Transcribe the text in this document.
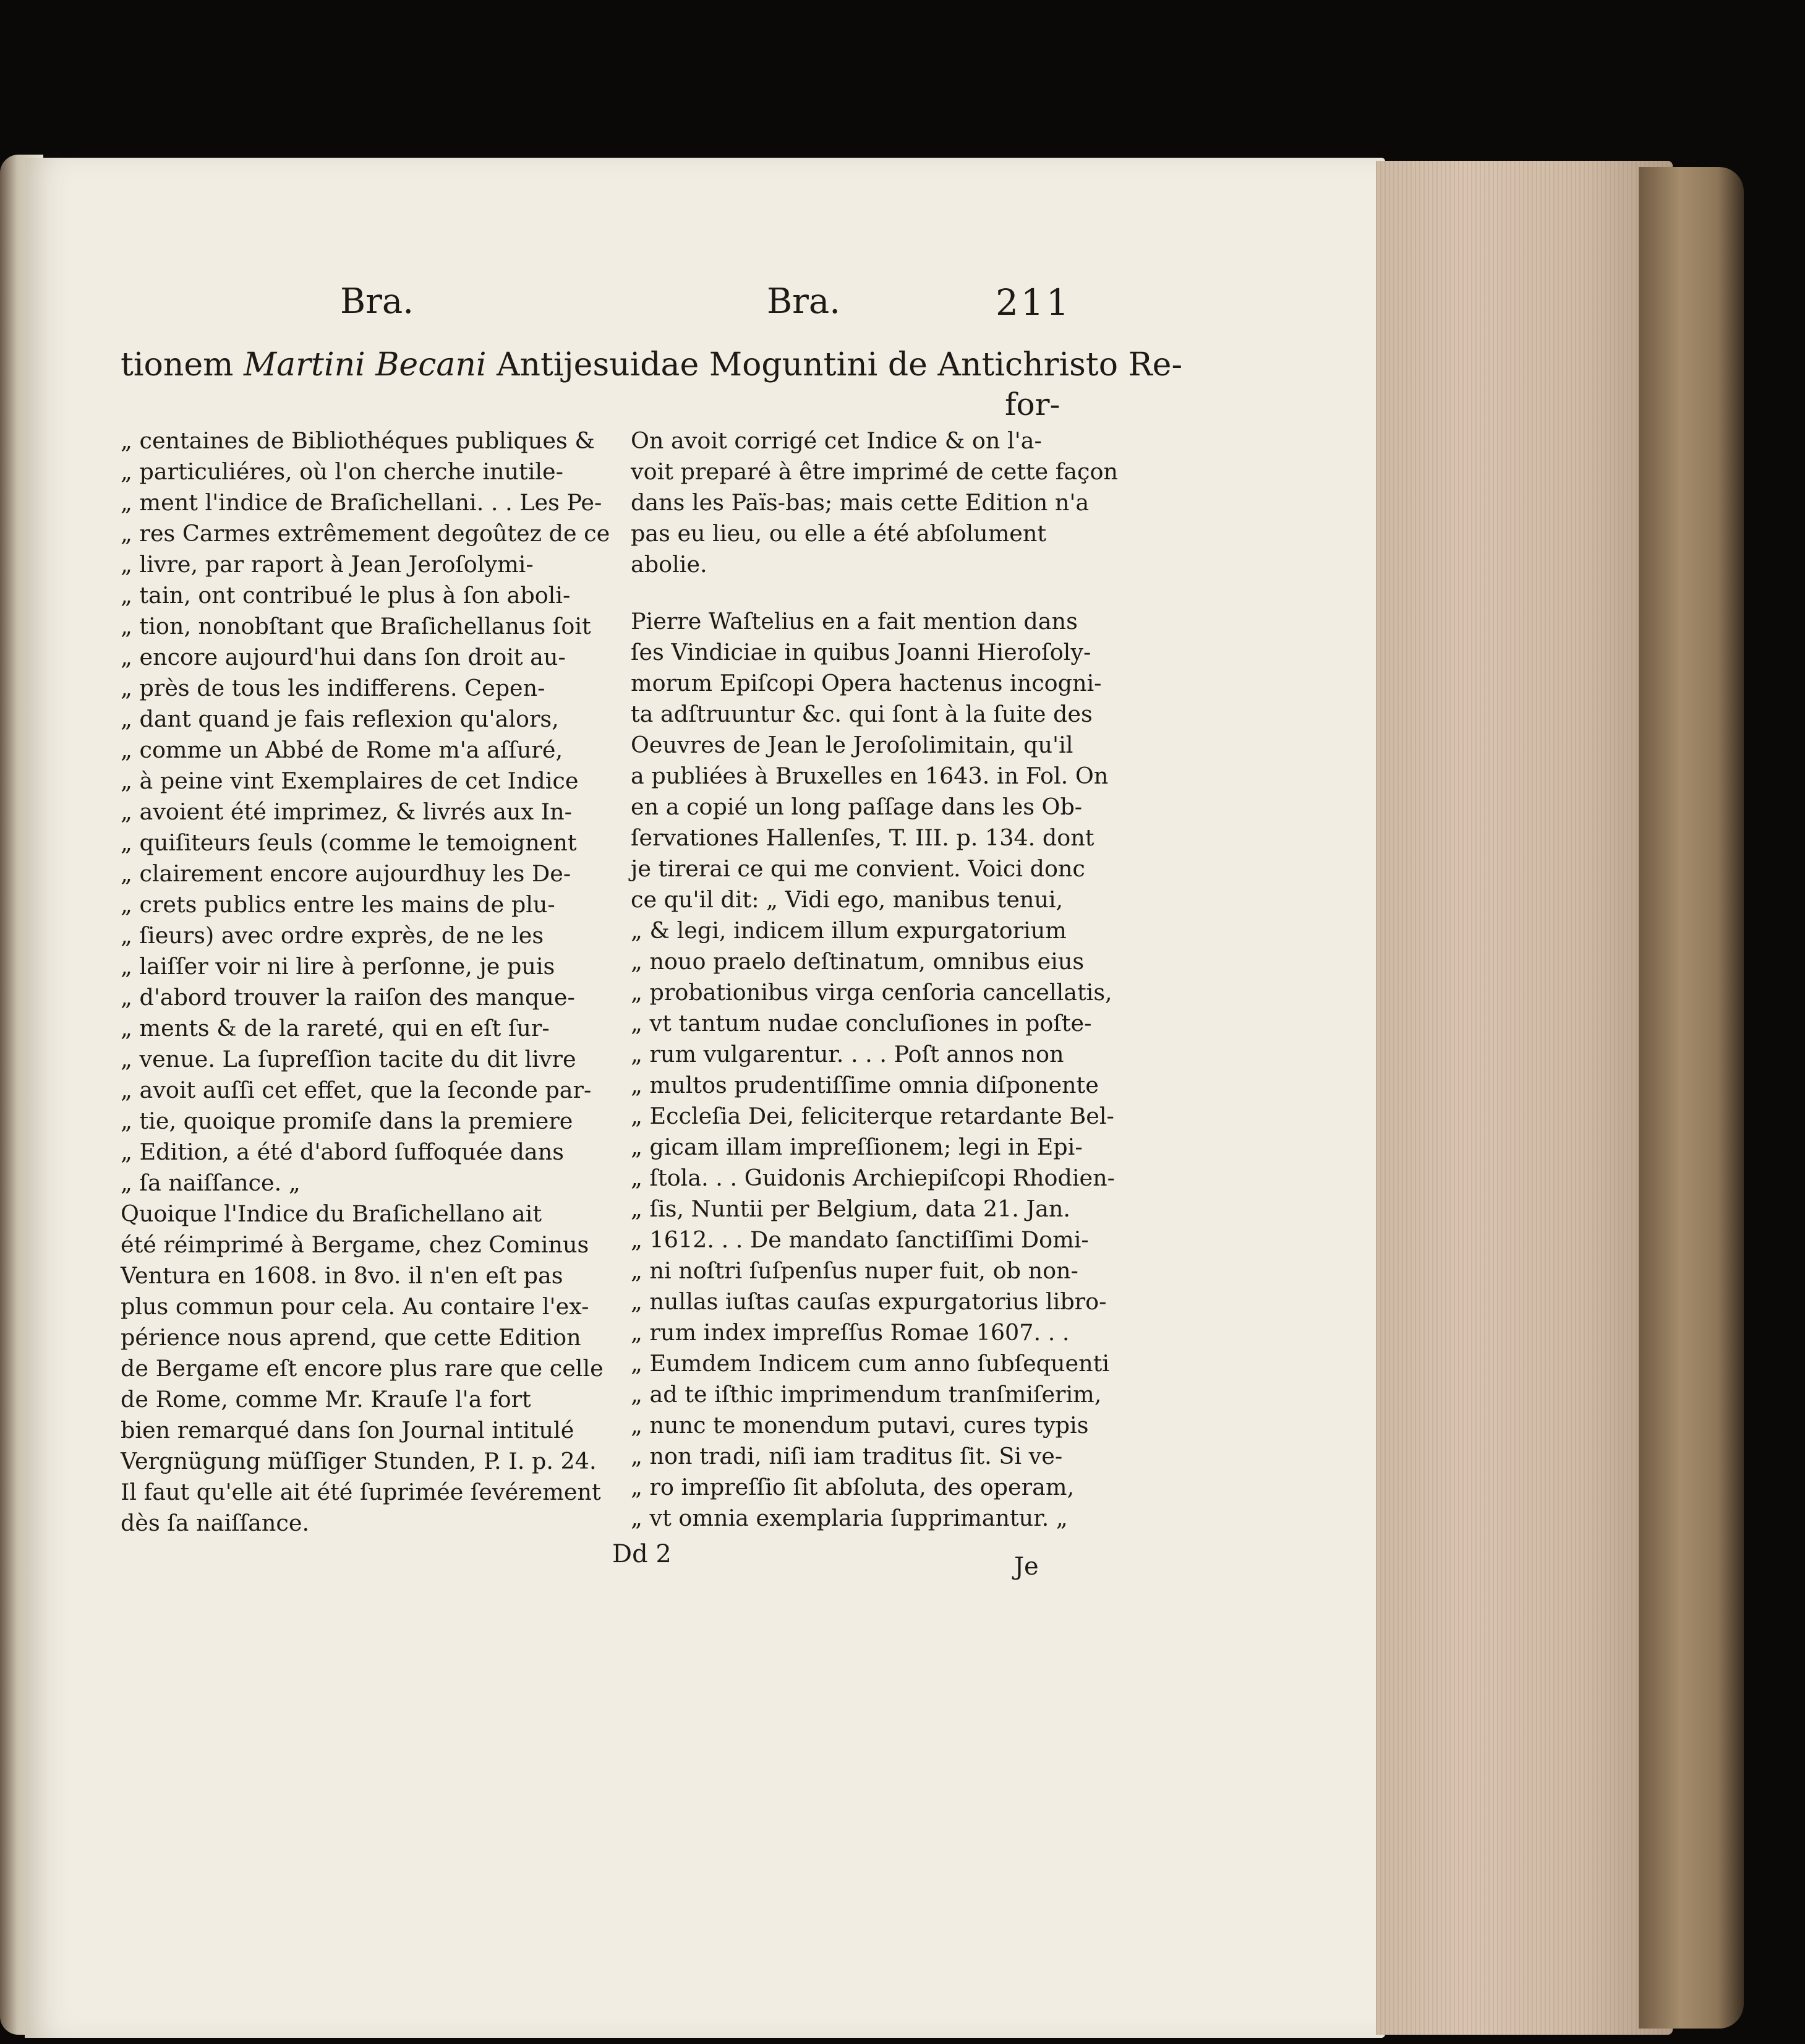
Bra.	Bra.	211
tionem Martini Becani Antijesuidae Moguntini de Antichristo Re-
for-
„ centaines de Bibliothéques publiques &
„ particuliéres, où l'on cherche inutile-
„ ment l'indice de Braſichellani. . . Les Pe-
„ res Carmes extrêmement degoûtez de ce
„ livre, par raport à Jean Jeroſolymi-
„ tain, ont contribué le plus à ſon aboli-
„ tion, nonobſtant que Braſichellanus ſoit
„ encore aujourd'hui dans ſon droit au-
„ près de tous les indifferens. Cepen-
„ dant quand je fais reflexion qu'alors,
„ comme un Abbé de Rome m'a aſſuré,
„ à peine vint Exemplaires de cet Indice
„ avoient été imprimez, & livrés aux In-
„ quiſiteurs ſeuls (comme le temoignent
„ clairement encore aujourdhuy les De-
„ crets publics entre les mains de plu-
„ ſieurs) avec ordre exprès, de ne les
„ laiſſer voir ni lire à perſonne, je puis
„ d'abord trouver la raiſon des manque-
„ ments & de la rareté, qui en eſt ſur-
„ venue. La ſupreſſion tacite du dit livre
„ avoit auſſi cet effet, que la ſeconde par-
„ tie, quoique promiſe dans la premiere
„ Edition, a été d'abord ſuffoquée dans
„ ſa naiſſance. „
Quoique l'Indice du Braſichellano ait
été réimprimé à Bergame, chez Cominus
Ventura en 1608. in 8vo. il n'en eſt pas
plus commun pour cela. Au contaire l'ex-
périence nous aprend, que cette Edition
de Bergame eſt encore plus rare que celle
de Rome, comme Mr. Krauſe l'a fort
bien remarqué dans ſon Journal intitulé
Vergnügung müſſiger Stunden, P. I. p. 24.
Il faut qu'elle ait été ſuprimée ſevérement
dès ſa naiſſance.
On avoit corrigé cet Indice & on l'a-
voit preparé à être imprimé de cette façon
dans les Païs-bas; mais cette Edition n'a
pas eu lieu, ou elle a été abſolument
abolie.
Pierre Waſtelius en a fait mention dans
ſes Vindiciae in quibus Joanni Hieroſoly-
morum Epiſcopi Opera hactenus incogni-
ta adſtruuntur &c. qui ſont à la ſuite des
Oeuvres de Jean le Jeroſolimitain, qu'il
a publiées à Bruxelles en 1643. in Fol. On
en a copié un long paſſage dans les Ob-
ſervationes Hallenſes, T. III. p. 134. dont
je tirerai ce qui me convient. Voici donc
ce qu'il dit: „ Vidi ego, manibus tenui,
„ & legi, indicem illum expurgatorium
„ nouo praelo deſtinatum, omnibus eius
„ probationibus virga cenſoria cancellatis,
„ vt tantum nudae concluſiones in poſte-
„ rum vulgarentur. . . . Poſt annos non
„ multos prudentiſſime omnia diſponente
„ Eccleſia Dei, feliciterque retardante Bel-
„ gicam illam impreſſionem; legi in Epi-
„ ſtola. . . Guidonis Archiepiſcopi Rhodien-
„ ſis, Nuntii per Belgium, data 21. Jan.
„ 1612. . . De mandato ſanctiſſimi Domi-
„ ni noſtri ſuſpenſus nuper fuit, ob non-
„ nullas iuſtas cauſas expurgatorius libro-
„ rum index impreſſus Romae 1607. . .
„ Eumdem Indicem cum anno ſubſequenti
„ ad te iſthic imprimendum tranſmiſerim,
„ nunc te monendum putavi, cures typis
„ non tradi, niſi iam traditus ſit. Si ve-
„ ro impreſſio ſit abſoluta, des operam,
„ vt omnia exemplaria ſupprimantur. „
Dd 2	Je
